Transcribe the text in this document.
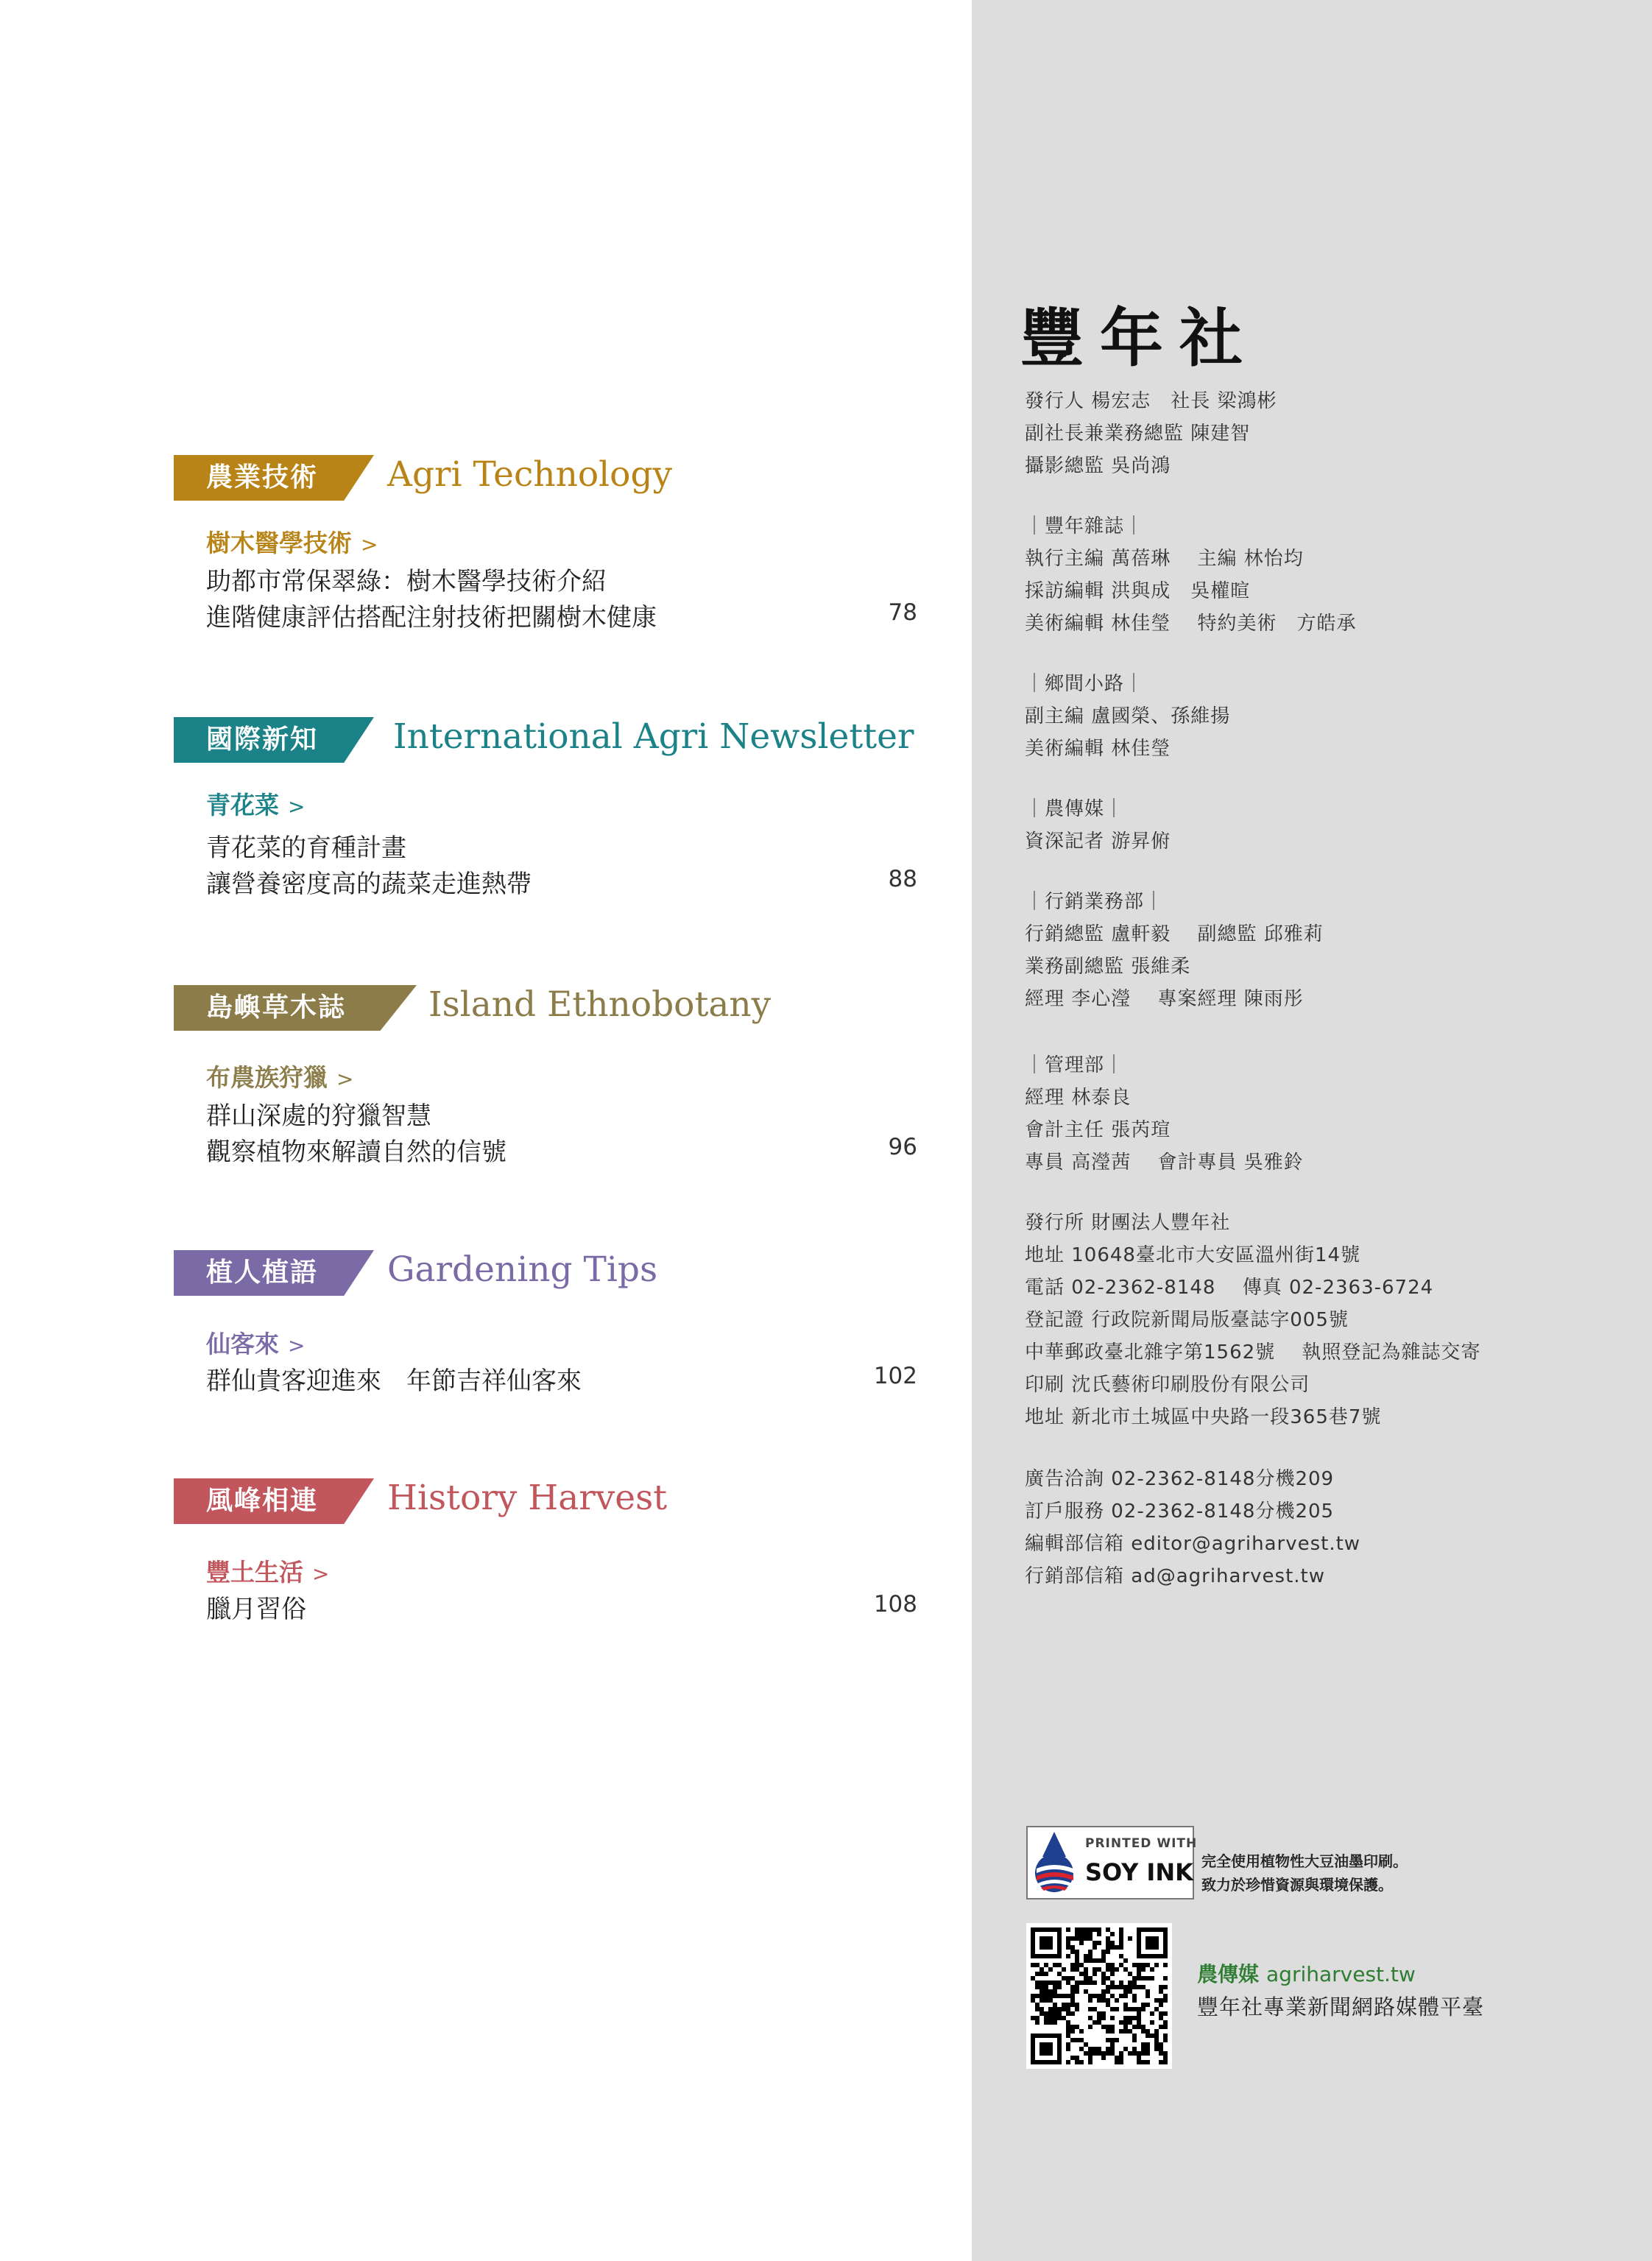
農業技術 Agri Technology
樹木醫學技術 >
助都市常保翠綠：樹木醫學技術介紹
進階健康評估搭配注射技術把關樹木健康	78
國際新知 International Agri Newsletter
青花菜 >
青花菜的育種計畫
讓營養密度高的蔬菜走進熱帶	88
島嶼草木誌 Island Ethnobotany
布農族狩獵 >
群山深處的狩獵智慧
觀察植物來解讀自然的信號	96
植人植語 Gardening Tips
仙客來 >
群仙貴客迎進來　年節吉祥仙客來	102
風峰相連 History Harvest
豐土生活 >
臘月習俗	108
豐年社
發行人 楊宏志　社長 梁鴻彬
副社長兼業務總監 陳建智
攝影總監 吳尚鴻
｜豐年雜誌｜
執行主編 萬蓓琳　 主編 林怡均
採訪編輯 洪與成　吳權暄
美術編輯 林佳瑩　 特約美術　方皓承
｜鄉間小路｜
副主編 盧國榮、孫維揚
美術編輯 林佳瑩
｜農傳媒｜
資深記者 游昇俯
｜行銷業務部｜
行銷總監 盧軒毅　 副總監 邱雅莉
業務副總監 張維柔
經理 李心瀅　 專案經理 陳雨彤
｜管理部｜
經理 林泰良
會計主任 張芮瑄
專員 高瀅茜　 會計專員 吳雅鈴
發行所 財團法人豐年社
地址 10648臺北市大安區溫州街14號
電話 02-2362-8148　 傳真 02-2363-6724
登記證 行政院新聞局版臺誌字005號
中華郵政臺北雜字第1562號　 執照登記為雜誌交寄
印刷 沈氏藝術印刷股份有限公司
地址 新北市土城區中央路一段365巷7號
廣告洽詢 02-2362-8148分機209
訂戶服務 02-2362-8148分機205
編輯部信箱 editor@agriharvest.tw
行銷部信箱 ad@agriharvest.tw
PRINTED WITH
SOY INK 完全使用植物性大豆油墨印刷。
致力於珍惜資源與環境保護。
農傳媒 agriharvest.tw
豐年社專業新聞網路媒體平臺
